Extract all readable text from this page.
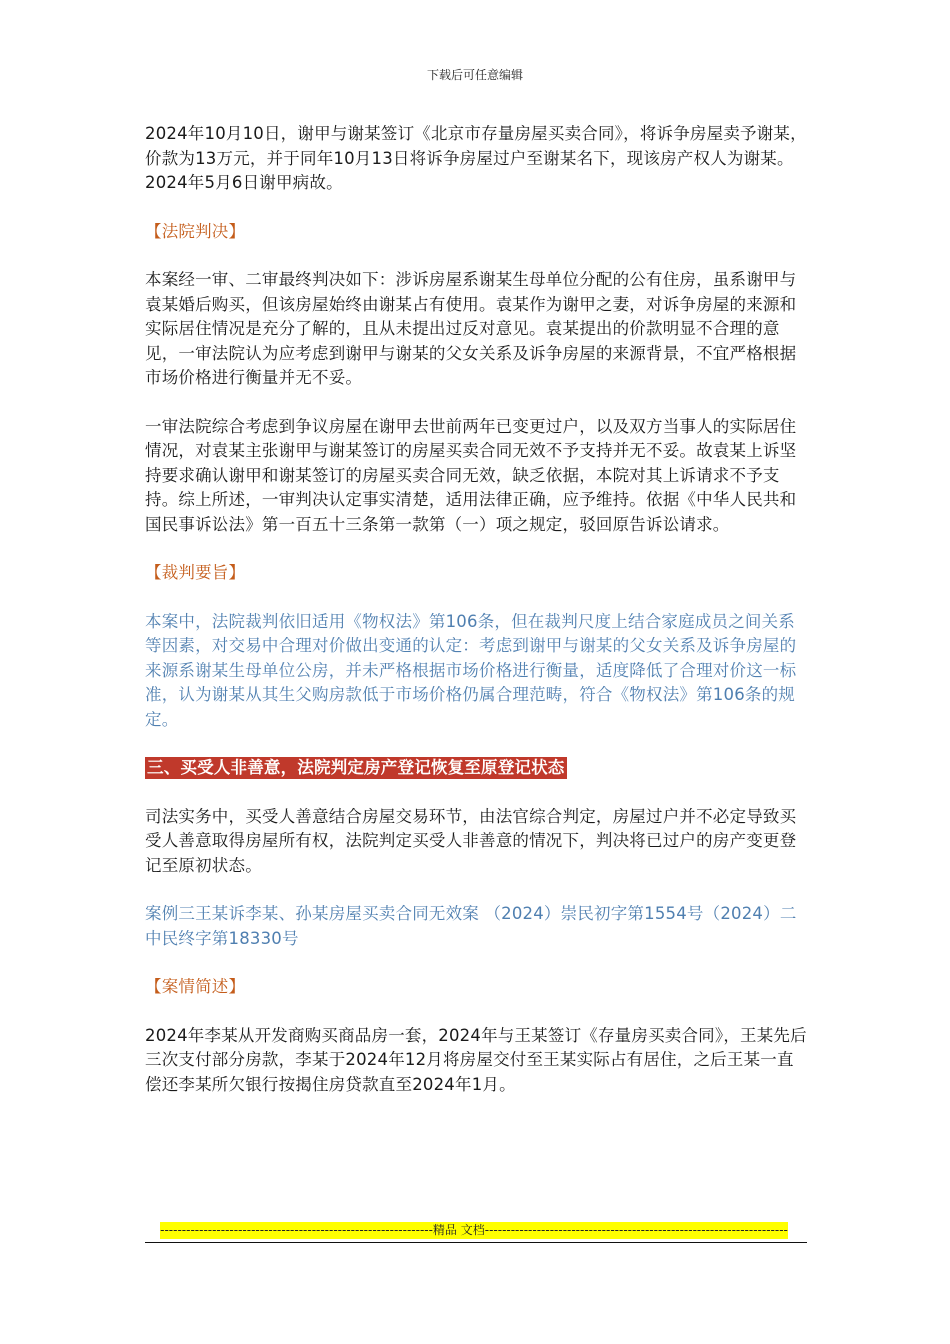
下载后可任意编辑

2024年10月10日，谢甲与谢某签订《北京市存量房屋买卖合同》，将诉争房屋卖予谢某，价款为13万元，并于同年10月13日将诉争房屋过户至谢某名下，现该房产权人为谢某。2024年5月6日谢甲病故。

【法院判决】

本案经一审、二审最终判决如下：涉诉房屋系谢某生母单位分配的公有住房，虽系谢甲与袁某婚后购买，但该房屋始终由谢某占有使用。袁某作为谢甲之妻，对诉争房屋的来源和实际居住情况是充分了解的，且从未提出过反对意见。袁某提出的价款明显不合理的意见，一审法院认为应考虑到谢甲与谢某的父女关系及诉争房屋的来源背景，不宜严格根据市场价格进行衡量并无不妥。

一审法院综合考虑到争议房屋在谢甲去世前两年已变更过户，以及双方当事人的实际居住情况，对袁某主张谢甲与谢某签订的房屋买卖合同无效不予支持并无不妥。故袁某上诉坚持要求确认谢甲和谢某签订的房屋买卖合同无效，缺乏依据，本院对其上诉请求不予支持。综上所述，一审判决认定事实清楚，适用法律正确，应予维持。依据《中华人民共和国民事诉讼法》第一百五十三条第一款第（一）项之规定，驳回原告诉讼请求。

【裁判要旨】

本案中，法院裁判依旧适用《物权法》第106条，但在裁判尺度上结合家庭成员之间关系等因素，对交易中合理对价做出变通的认定：考虑到谢甲与谢某的父女关系及诉争房屋的来源系谢某生母单位公房，并未严格根据市场价格进行衡量，适度降低了合理对价这一标准，认为谢某从其生父购房款低于市场价格仍属合理范畴，符合《物权法》第106条的规定。

三、买受人非善意，法院判定房产登记恢复至原登记状态

司法实务中，买受人善意结合房屋交易环节，由法官综合判定，房屋过户并不必定导致买受人善意取得房屋所有权，法院判定买受人非善意的情况下，判决将已过户的房产变更登记至原初状态。

案例三王某诉李某、孙某房屋买卖合同无效案 （2024）崇民初字第1554号（2024）二中民终字第18330号

【案情简述】

2024年李某从开发商购买商品房一套，2024年与王某签订《存量房买卖合同》，王某先后三次支付部分房款，李某于2024年12月将房屋交付至王某实际占有居住，之后王某一直偿还李某所欠银行按揭住房贷款直至2024年1月。

---------------------------------------------------------------精品 文档----------------------------------------------------------------------
